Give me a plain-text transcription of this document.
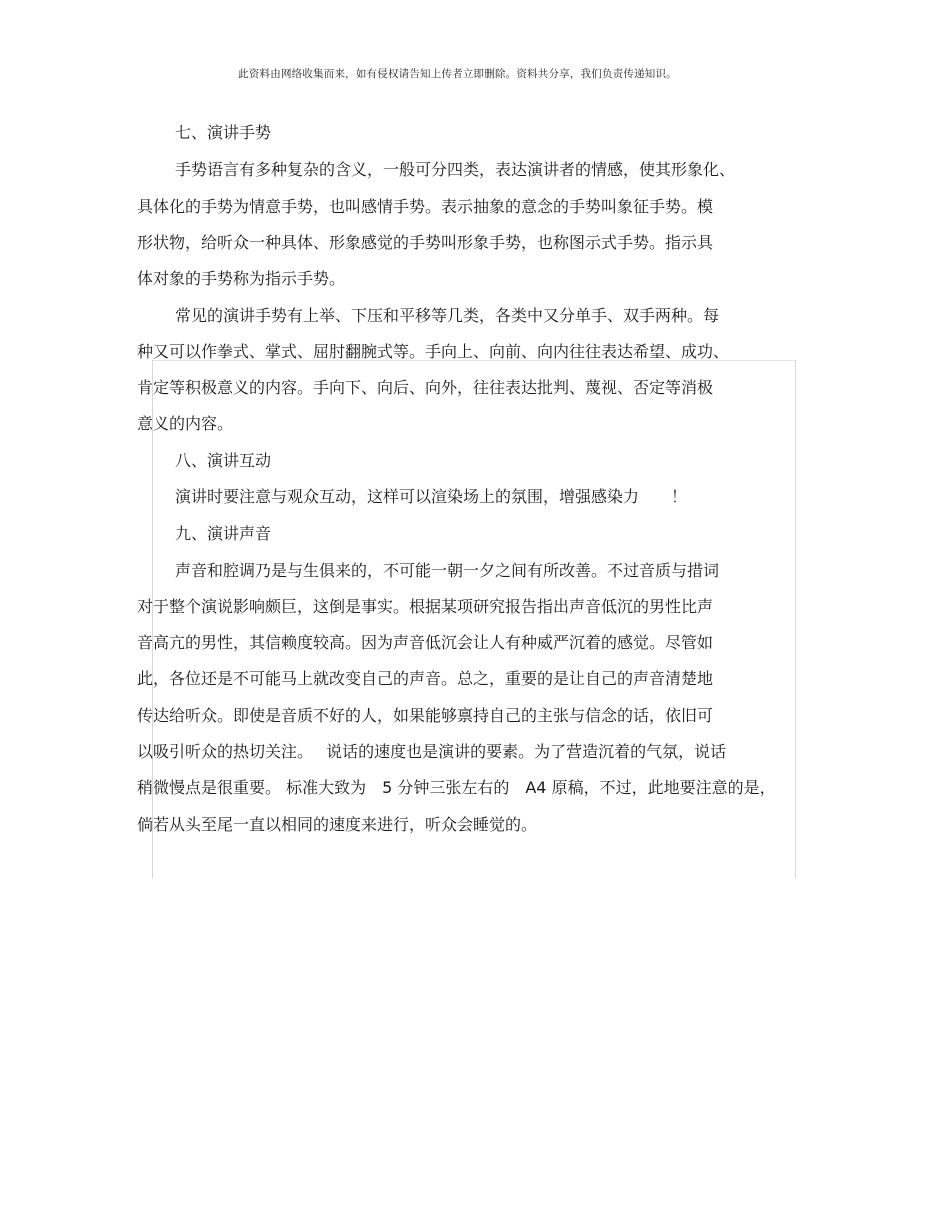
此资料由网络收集而来，如有侵权请告知上传者立即删除。资料共分享，我们负责传递知识。
七、演讲手势
手势语言有多种复杂的含义，一般可分四类，表达演讲者的情感，使其形象化、
具体化的手势为情意手势，也叫感情手势。表示抽象的意念的手势叫象征手势。模
形状物，给听众一种具体、形象感觉的手势叫形象手势，也称图示式手势。指示具
体对象的手势称为指示手势。
常见的演讲手势有上举、下压和平移等几类，各类中又分单手、双手两种。每
种又可以作拳式、掌式、屈肘翻腕式等。手向上、向前、向内往往表达希望、成功、
肯定等积极意义的内容。手向下、向后、向外，往往表达批判、蔑视、否定等消极
意义的内容。
八、演讲互动
演讲时要注意与观众互动，这样可以渲染场上的氛围，增强感染力　　！
九、演讲声音
声音和腔调乃是与生俱来的，不可能一朝一夕之间有所改善。不过音质与措词
对于整个演说影响颇巨，这倒是事实。根据某项研究报告指出声音低沉的男性比声
音高亢的男性，其信赖度较高。因为声音低沉会让人有种威严沉着的感觉。尽管如
此，各位还是不可能马上就改变自己的声音。总之，重要的是让自己的声音清楚地
传达给听众。即使是音质不好的人，如果能够禀持自己的主张与信念的话，依旧可
以吸引听众的热切关注。　 说话的速度也是演讲的要素。为了营造沉着的气氛，说话
稍微慢点是很重要。 标准大致为　5 分钟三张左右的　A4 原稿，不过，此地要注意的是，
倘若从头至尾一直以相同的速度来进行，听众会睡觉的。
